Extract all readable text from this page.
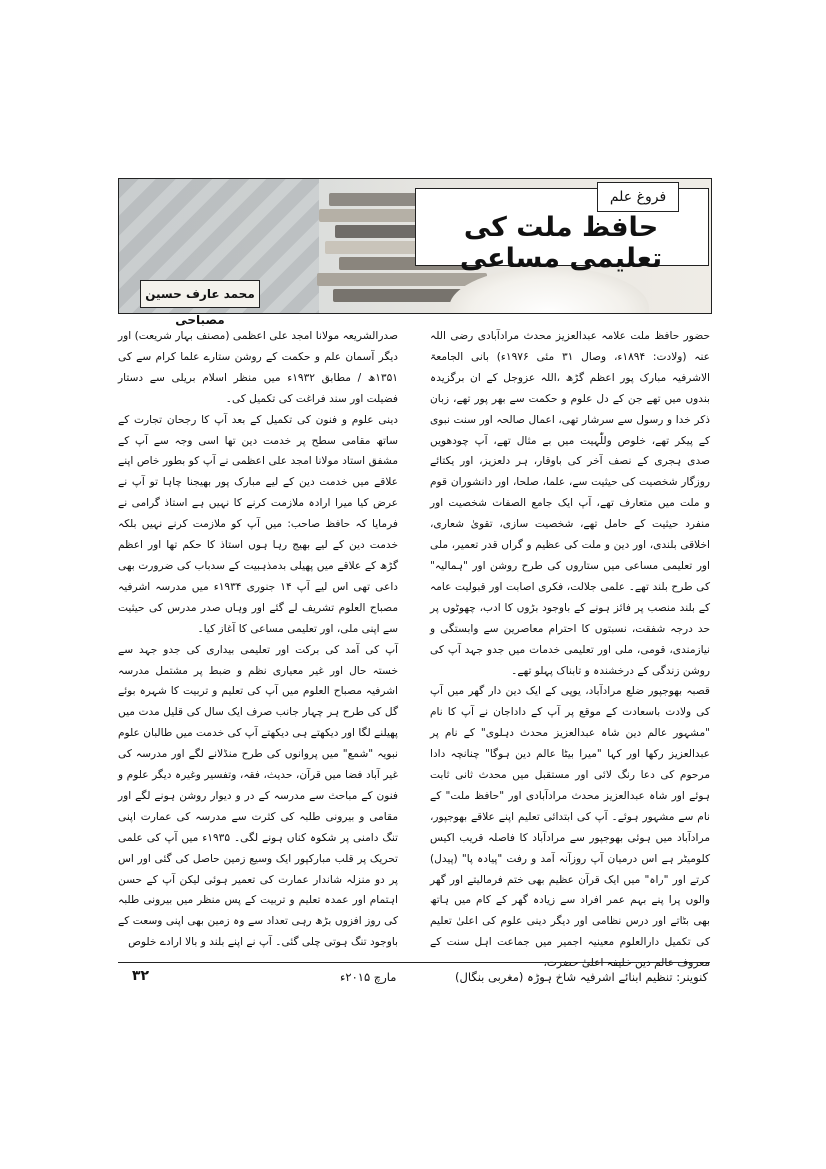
فروغ علم
حافظ ملت کی تعلیمی مساعی
محمد عارف حسین مصباحی

حضور حافظ ملت علامہ عبدالعزیز محدث مرادآبادی رضی اللہ عنہ (ولادت: ۱۸۹۴ء، وصال ۳۱ مئی ۱۹۷۶ء) بانی الجامعۃ الاشرفیہ مبارک پور اعظم گڑھ ،اللہ عزوجل کے ان برگزیدہ بندوں میں تھے جن کے دل علوم و حکمت سے بھر پور تھے، زبان ذکر خدا و رسول سے سرشار تھی، اعمال صالحہ اور سنت نبوی کے پیکر تھے، خلوص وللّٰہیت میں بے مثال تھے، آپ چودھویں صدی ہجری کے نصف آخر کی باوقار، ہر دلعزیز، اور یکتائے روزگار شخصیت کی حیثیت سے، علما، صلحا، اور دانشوران قوم و ملت میں متعارف تھے، آپ ایک جامع الصفات شخصیت اور منفرد حیثیت کے حامل تھے، شخصیت سازی، تقویٰ شعاری، اخلاقی بلندی، اور دین و ملت کی عظیم و گراں قدر تعمیر، ملی اور تعلیمی مساعی میں ستاروں کی طرح روشن اور "ہمالیہ" کی طرح بلند تھے۔ علمی جلالت، فکری اصابت اور قبولیت عامہ کے بلند منصب پر فائز ہونے کے باوجود بڑوں کا ادب، چھوٹوں پر حد درجہ شفقت، نسبتوں کا احترام معاصرین سے وابستگی و نیازمندی، قومی، ملی اور تعلیمی خدمات میں جدو جہد آپ کی روشن زندگی کے درخشندہ و تابناک پہلو تھے۔

قصبہ بھوجپور ضلع مرادآباد، یوپی کے ایک دین دار گھر میں آپ کی ولادت باسعادت کے موقع پر آپ کے داداجان نے آپ کا نام "مشہور عالم دین شاہ عبدالعزیز محدث دہلوی" کے نام پر عبدالعزیز رکھا اور کہا "میرا بیٹا عالم دین ہوگا" چنانچہ دادا مرحوم کی دعا رنگ لائی اور مستقبل میں محدث ثانی ثابت ہوئے اور شاہ عبدالعزیز محدث مرادآبادی اور "حافظ ملت" کے نام سے مشہور ہوئے۔ آپ کی ابتدائی تعلیم اپنے علاقے بھوجپور، مرادآباد میں ہوئی بھوجپور سے مرادآباد کا فاصلہ قریب اکیس کلومیٹر ہے اس درمیان آپ روزآنہ آمد و رفت "پیادہ پا" (پیدل) کرتے اور "راہ" میں ایک قرآن عظیم بھی ختم فرمالیتے اور گھر والوں پرا پنے بہم عمر افراد سے زیادہ گھر کے کام میں ہاتھ بھی بٹاتے اور درس نظامی اور دیگر دینی علوم کی اعلیٰ تعلیم کی تکمیل دارالعلوم معینیہ اجمیر میں جماعت اہل سنت کے معروف عالم دین خلیفہ اعلیٰ حضرت،

صدرالشریعہ مولانا امجد علی اعظمی (مصنف بہار شریعت) اور دیگر آسمان علم و حکمت کے روشن ستارے علما کرام سے کی ۱۳۵۱ھ / مطابق ۱۹۳۲ء میں منظر اسلام بریلی سے دستار فضیلت اور سند فراغت کی تکمیل کی۔

دینی علوم و فنون کی تکمیل کے بعد آپ کا رجحان تجارت کے ساتھ مقامی سطح پر خدمت دین تھا اسی وجہ سے آپ کے مشفق استاد مولانا امجد علی اعظمی نے آپ کو بطور خاص اپنے علاقے میں خدمت دین کے لیے مبارک پور بھیجنا چاہا تو آپ نے عرض کیا میرا ارادہ ملازمت کرنے کا نہیں ہے استاذ گرامی نے فرمایا کہ حافظ صاحب: میں آپ کو ملازمت کرنے نہیں بلکہ خدمت دین کے لیے بھیج رہا ہوں استاذ کا حکم تھا اور اعظم گڑھ کے علاقے میں پھیلی بدمذہبیت کے سدباب کی ضرورت بھی داعی تھی اس لیے آپ ۱۴ جنوری ۱۹۳۴ء میں مدرسہ اشرفیہ مصباح العلوم تشریف لے گئے اور وہاں صدر مدرس کی حیثیت سے اپنی ملی، اور تعلیمی مساعی کا آغاز کیا۔

آپ کی آمد کی برکت اور تعلیمی بیداری کی جدو جہد سے خستہ حال اور غیر معیاری نظم و ضبط پر مشتمل مدرسہ اشرفیہ مصباح العلوم میں آپ کی تعلیم و تربیت کا شہرہ بوئے گل کی طرح ہر چہار جانب صرف ایک سال کی قلیل مدت میں پھیلنے لگا اور دیکھتے ہی دیکھتے آپ کی خدمت میں طالبان علوم نبویہ "شمع" میں پروانوں کی طرح منڈلانے لگے اور مدرسہ کی غیر آباد فضا میں قرآن، حدیث، فقہ، وتفسیر وغیرہ دیگر علوم و فنون کے مباحث سے مدرسہ کے در و دیوار روشن ہونے لگے اور مقامی و بیرونی طلبہ کی کثرت سے مدرسہ کی عمارت اپنی تنگ دامنی پر شکوہ کناں ہونے لگی۔ ۱۹۳۵ء میں آپ کی علمی تحریک پر قلب مبارکپور ایک وسیع زمین حاصل کی گئی اور اس پر دو منزلہ شاندار عمارت کی تعمیر ہوئی لیکن آپ کے حسن اہتمام اور عمدہ تعلیم و تربیت کے پس منظر میں بیرونی طلبہ کی روز افزوں بڑھ رہی تعداد سے وہ زمین بھی اپنی وسعت کے باوجود تنگ ہوتی چلی گئی۔ آپ نے اپنے بلند و بالا ارادے خلوص

کنوینر: تنظیم ابنائے اشرفیہ شاخ ہوڑہ (مغربی بنگال)
مارچ ۲۰۱۵ء
۳۲
